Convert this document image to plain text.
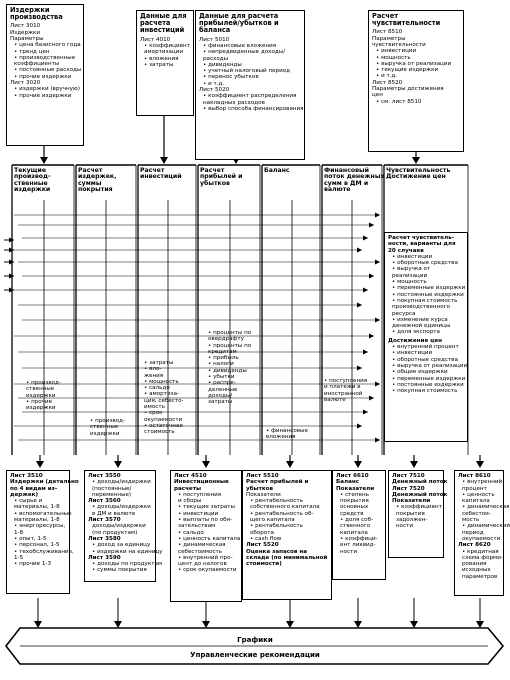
Издержки
производства
Лист 3010
Издержки
Параметры
• цена базисного года
• тренд цен
• производственные
коэффициенты
• постоянные расходы
• прочие издержки
Лист 3020
• издержки (вручную)
• прочие издержки
Данные для
расчета
инвестиций
Лист 4010
• коэффициент
амортизации
• вложения
• затраты
Данные для расчета
прибылей/убытков и
баланса
Лист 5010
• финансовые вложения
• непредвиденные доходы/
расходы
• дивиденды
• учетный налоговый период
• перенос убытков
• и т.д.
Лист 5020
• коэффициент распределения
накладных расходов
• выбор способа финансирования
Расчет
чувствительности
Лист 8510
Параметры
чувствительности
• инвестиции
• мощность
• выручка от реализации
• текущие издержки
• и т.д.
Лист 8520
Параметры достижения
цен
• см. лист 8510
Текущие
производ-
ственные
издержки
Расчет
издержек,
суммы
покрытия
Расчет
инвестиций
Расчет
прибылей и
убытков
Баланс	Финансовый
поток денежных
сумм в ДМ и
валюте
Чувствительность
Достижение цен
• производ-
ственные
издержки
• прочие
издержки
• производ-
ственные
издержки
• затраты
• вло-
жения
• мощность
• сальдо
• амортиза-
ция, себесто-
имость
• срок
окупаемости
• остаточная
стоимость
• проценты по
овердрафту
• проценты по
кредитам
• прибыль
• налоги
• дивиденды
• убытки
• распре-
деленные
доходы/
затраты
• финансовые
вложения
• поступления
и платежи в
иностранной
валюте
Расчет чувствитель-
ности, варианты для
20 случаев
• инвестиции
• оборотные средства
• выручка от
реализации
• мощность
• переменные издержки
• постоянные издержки
• покупная стоимость
производственного
ресурса
• изменение курса
денежной единицы
• доля экспорта
Достижение цен
• внутренний процент
• инвестиции
• оборотные средства
• выручка от реализации
• общие издержки
• переменные издержки
• постоянные издержки
• покупная стоимость
Лист 3510
Издержки (детально
по 4 видам из-
держек)
• сырье и
материалы, 1-8
• вспомогательные
материалы, 1-8
• энергоресурсы,
1-8
• опыт, 1-5
• персонал, 1-5
• техобслуживание,
1-5
• прочие 1-3
Лист 3550
• доходы/издержки
(постоянные/
переменные)
Лист 3560
• доходы/издержки
в ДМ и валюте
Лист 3570
доходы/издержки
(по продуктам)
Лист 3580
• доход за единицу
• издержки на единицу
Лист 3590
• доходы по продуктам
• суммы покрытия
Лист 4510
Инвестиционные
расчеты
• поступления
и сборы
• текущие затраты
• инвестиции
• выплаты по обя-
зательствам
• сальдо
• ценность капитала
• динамическая
себестоимость
• внутренний про-
цент до налогов
• срок окупаемости
Лист 5510
Расчет прибылей и
убытков
Показатели
• рентабельность
собственного капитала
• рентабельность об-
щего капитала
• рентабельность
оборота
• cash flow
Лист 5520
Оценка запасов на
складе (по минимальной
стоимости)
Лист 6610
Баланс
Показатели
• степень
покрытия
основных
средств
• доля соб-
ственного
капитала
• коэффици-
ент ликвид-
ности
Лист 7510
Денежный поток
Лист 7520
Денежный поток
Показатели
• коэффициент
покрытия
задолжен-
ности
Лист 8610
• внутренний
процент
• ценность
капитала
• динамическая
себестои-
мость
• динамический
период
окупаемости
Лист 8620
• кредитная
схема форми-
рования
исходных
параметров
Графики
Управленческие рекомендации
